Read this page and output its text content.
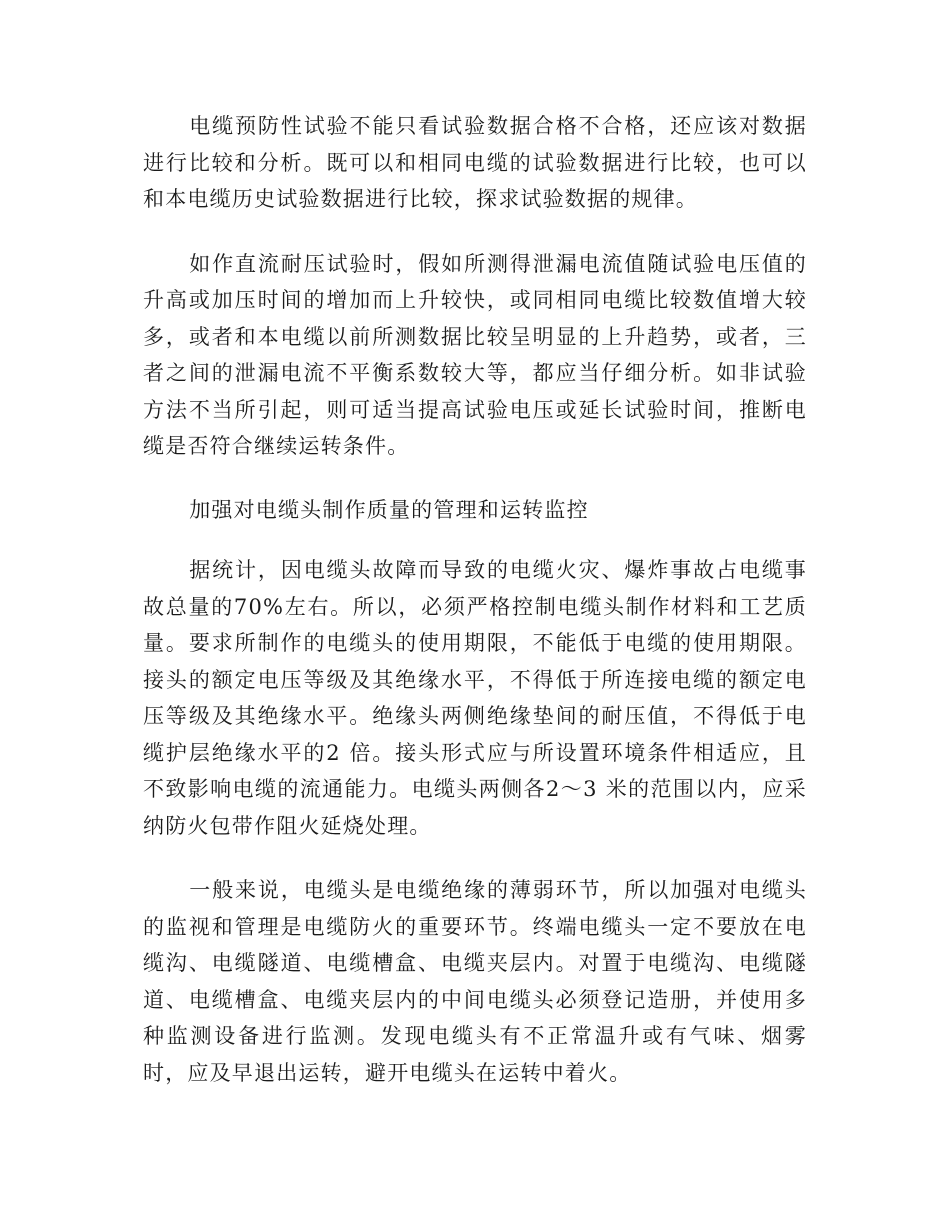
电缆预防性试验不能只看试验数据合格不合格，还应该对数据进行比较和分析。既可以和相同电缆的试验数据进行比较，也可以和本电缆历史试验数据进行比较，探求试验数据的规律。

如作直流耐压试验时，假如所测得泄漏电流值随试验电压值的升高或加压时间的增加而上升较快，或同相同电缆比较数值增大较多，或者和本电缆以前所测数据比较呈明显的上升趋势，或者，三者之间的泄漏电流不平衡系数较大等，都应当仔细分析。如非试验方法不当所引起，则可适当提高试验电压或延长试验时间，推断电缆是否符合继续运转条件。

加强对电缆头制作质量的管理和运转监控

据统计，因电缆头故障而导致的电缆火灾、爆炸事故占电缆事故总量的70%左右。所以，必须严格控制电缆头制作材料和工艺质量。要求所制作的电缆头的使用期限，不能低于电缆的使用期限。接头的额定电压等级及其绝缘水平，不得低于所连接电缆的额定电压等级及其绝缘水平。绝缘头两侧绝缘垫间的耐压值，不得低于电缆护层绝缘水平的2 倍。接头形式应与所设置环境条件相适应，且不致影响电缆的流通能力。电缆头两侧各2～3 米的范围以内，应采纳防火包带作阻火延烧处理。

一般来说，电缆头是电缆绝缘的薄弱环节，所以加强对电缆头的监视和管理是电缆防火的重要环节。终端电缆头一定不要放在电缆沟、电缆隧道、电缆槽盒、电缆夹层内。对置于电缆沟、电缆隧道、电缆槽盒、电缆夹层内的中间电缆头必须登记造册，并使用多种监测设备进行监测。发现电缆头有不正常温升或有气味、烟雾时，应及早退出运转，避开电缆头在运转中着火。
